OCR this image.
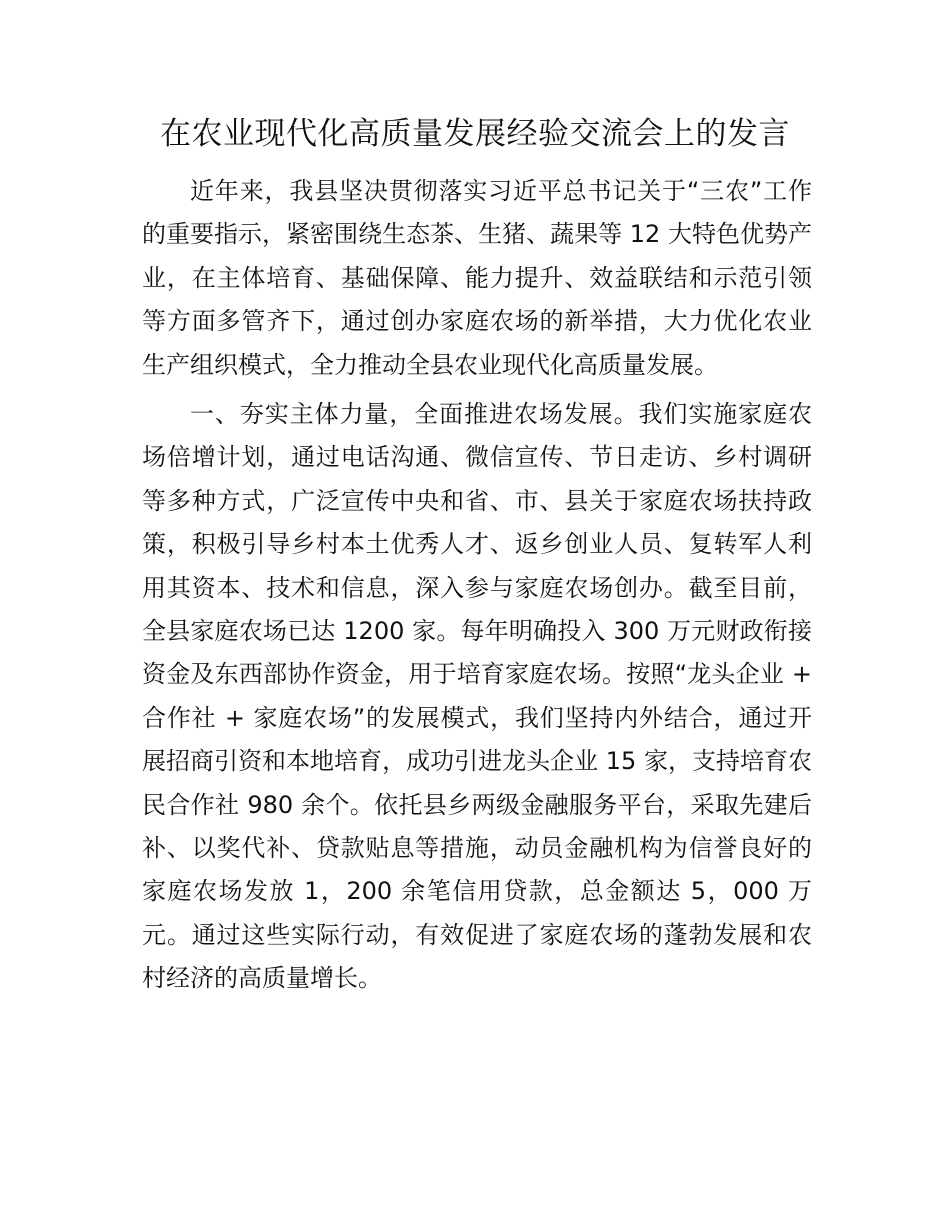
在农业现代化高质量发展经验交流会上的发言

近年来，我县坚决贯彻落实习近平总书记关于“三农”工作的重要指示，紧密围绕生态茶、生猪、蔬果等 12 大特色优势产业，在主体培育、基础保障、能力提升、效益联结和示范引领等方面多管齐下，通过创办家庭农场的新举措，大力优化农业生产组织模式，全力推动全县农业现代化高质量发展。

一、夯实主体力量，全面推进农场发展。我们实施家庭农场倍增计划，通过电话沟通、微信宣传、节日走访、乡村调研等多种方式，广泛宣传中央和省、市、县关于家庭农场扶持政策，积极引导乡村本土优秀人才、返乡创业人员、复转军人利用其资本、技术和信息，深入参与家庭农场创办。截至目前，全县家庭农场已达 1200 家。每年明确投入 300 万元财政衔接资金及东西部协作资金，用于培育家庭农场。按照“龙头企业 + 合作社 + 家庭农场”的发展模式，我们坚持内外结合，通过开展招商引资和本地培育，成功引进龙头企业 15 家，支持培育农民合作社 980 余个。依托县乡两级金融服务平台，采取先建后补、以奖代补、贷款贴息等措施，动员金融机构为信誉良好的家庭农场发放 1，200 余笔信用贷款，总金额达 5，000 万元。通过这些实际行动，有效促进了家庭农场的蓬勃发展和农村经济的高质量增长。
